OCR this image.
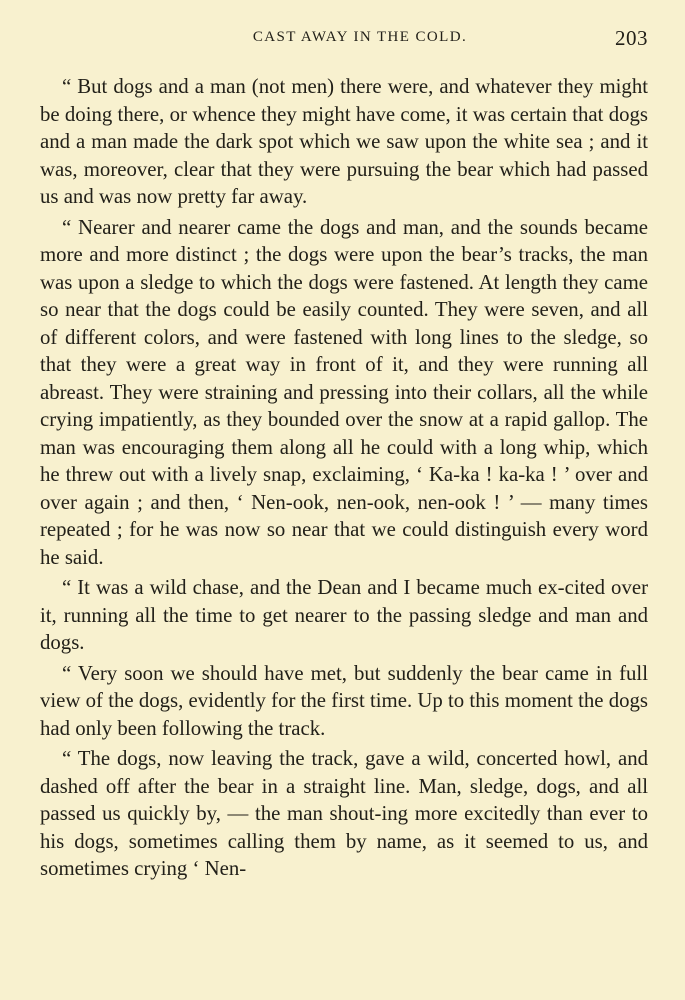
CAST AWAY IN THE COLD.	203

“ But dogs and a man (not men) there were, and whatever they might be doing there, or whence they might have come, it was certain that dogs and a man made the dark spot which we saw upon the white sea ; and it was, moreover, clear that they were pursuing the bear which had passed us and was now pretty far away.

“ Nearer and nearer came the dogs and man, and the sounds became more and more distinct ; the dogs were upon the bear’s tracks, the man was upon a sledge to which the dogs were fastened. At length they came so near that the dogs could be easily counted. They were seven, and all of different colors, and were fastened with long lines to the sledge, so that they were a great way in front of it, and they were running all abreast. They were straining and pressing into their collars, all the while crying impatiently, as they bounded over the snow at a rapid gallop. The man was encouraging them along all he could with a long whip, which he threw out with a lively snap, exclaiming, ‘ Ka-ka ! ka-ka ! ’ over and over again ; and then, ‘ Nen-ook, nen-ook, nen-ook ! ’ — many times repeated ; for he was now so near that we could distinguish every word he said.

“ It was a wild chase, and the Dean and I became much ex-cited over it, running all the time to get nearer to the passing sledge and man and dogs.

“ Very soon we should have met, but suddenly the bear came in full view of the dogs, evidently for the first time. Up to this moment the dogs had only been following the track.

“ The dogs, now leaving the track, gave a wild, concerted howl, and dashed off after the bear in a straight line. Man, sledge, dogs, and all passed us quickly by, — the man shout-ing more excitedly than ever to his dogs, sometimes calling them by name, as it seemed to us, and sometimes crying ‘ Nen-
